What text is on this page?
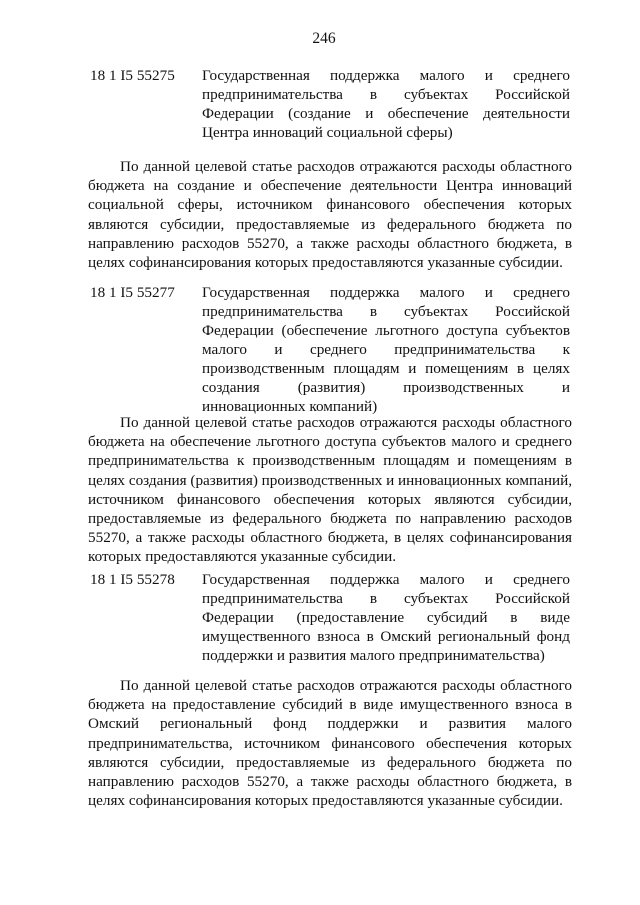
246
18 1 I5 55275	Государственная поддержка малого и среднего предпринимательства в субъектах Российской Федерации (создание и обеспечение деятельности Центра инноваций социальной сферы)
По данной целевой статье расходов отражаются расходы областного бюджета на создание и обеспечение деятельности Центра инноваций социальной сферы, источником финансового обеспечения которых являются субсидии, предоставляемые из федерального бюджета по направлению расходов 55270, а также расходы областного бюджета, в целях софинансирования которых предоставляются указанные субсидии.
18 1 I5 55277	Государственная поддержка малого и среднего предпринимательства в субъектах Российской Федерации (обеспечение льготного доступа субъектов малого и среднего предпринимательства к производственным площадям и помещениям в целях создания (развития) производственных и инновационных компаний)
По данной целевой статье расходов отражаются расходы областного бюджета на обеспечение льготного доступа субъектов малого и среднего предпринимательства к производственным площадям и помещениям в целях создания (развития) производственных и инновационных компаний, источником финансового обеспечения которых являются субсидии, предоставляемые из федерального бюджета по направлению расходов 55270, а также расходы областного бюджета, в целях софинансирования которых предоставляются указанные субсидии.
18 1 I5 55278	Государственная поддержка малого и среднего предпринимательства в субъектах Российской Федерации (предоставление субсидий в виде имущественного взноса в Омский региональный фонд поддержки и развития малого предпринимательства)
По данной целевой статье расходов отражаются расходы областного бюджета на предоставление субсидий в виде имущественного взноса в Омский региональный фонд поддержки и развития малого предпринимательства, источником финансового обеспечения которых являются субсидии, предоставляемые из федерального бюджета по направлению расходов 55270, а также расходы областного бюджета, в целях софинансирования которых предоставляются указанные субсидии.
